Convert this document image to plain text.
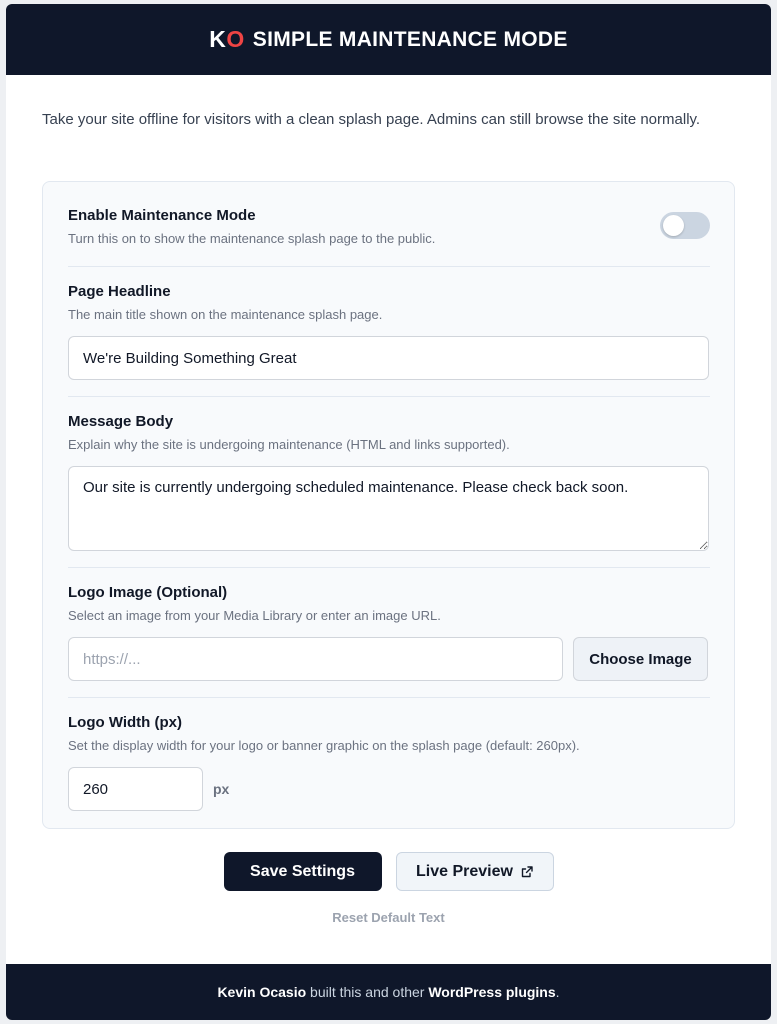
KO SIMPLE MAINTENANCE MODE

Take your site offline for visitors with a clean splash page. Admins can still browse the site normally.

Enable Maintenance Mode
Turn this on to show the maintenance splash page to the public.
Page Headline
The main title shown on the maintenance splash page.
We're Building Something Great
Message Body
Explain why the site is undergoing maintenance (HTML and links supported).
Our site is currently undergoing scheduled maintenance. Please check back soon.
Logo Image (Optional)
Select an image from your Media Library or enter an image URL.
https://...
Choose Image
Logo Width (px)
Set the display width for your logo or banner graphic on the splash page (default: 260px).
260
px
Save Settings	Live Preview
Reset Default Text
Kevin Ocasio built this and other WordPress plugins.
